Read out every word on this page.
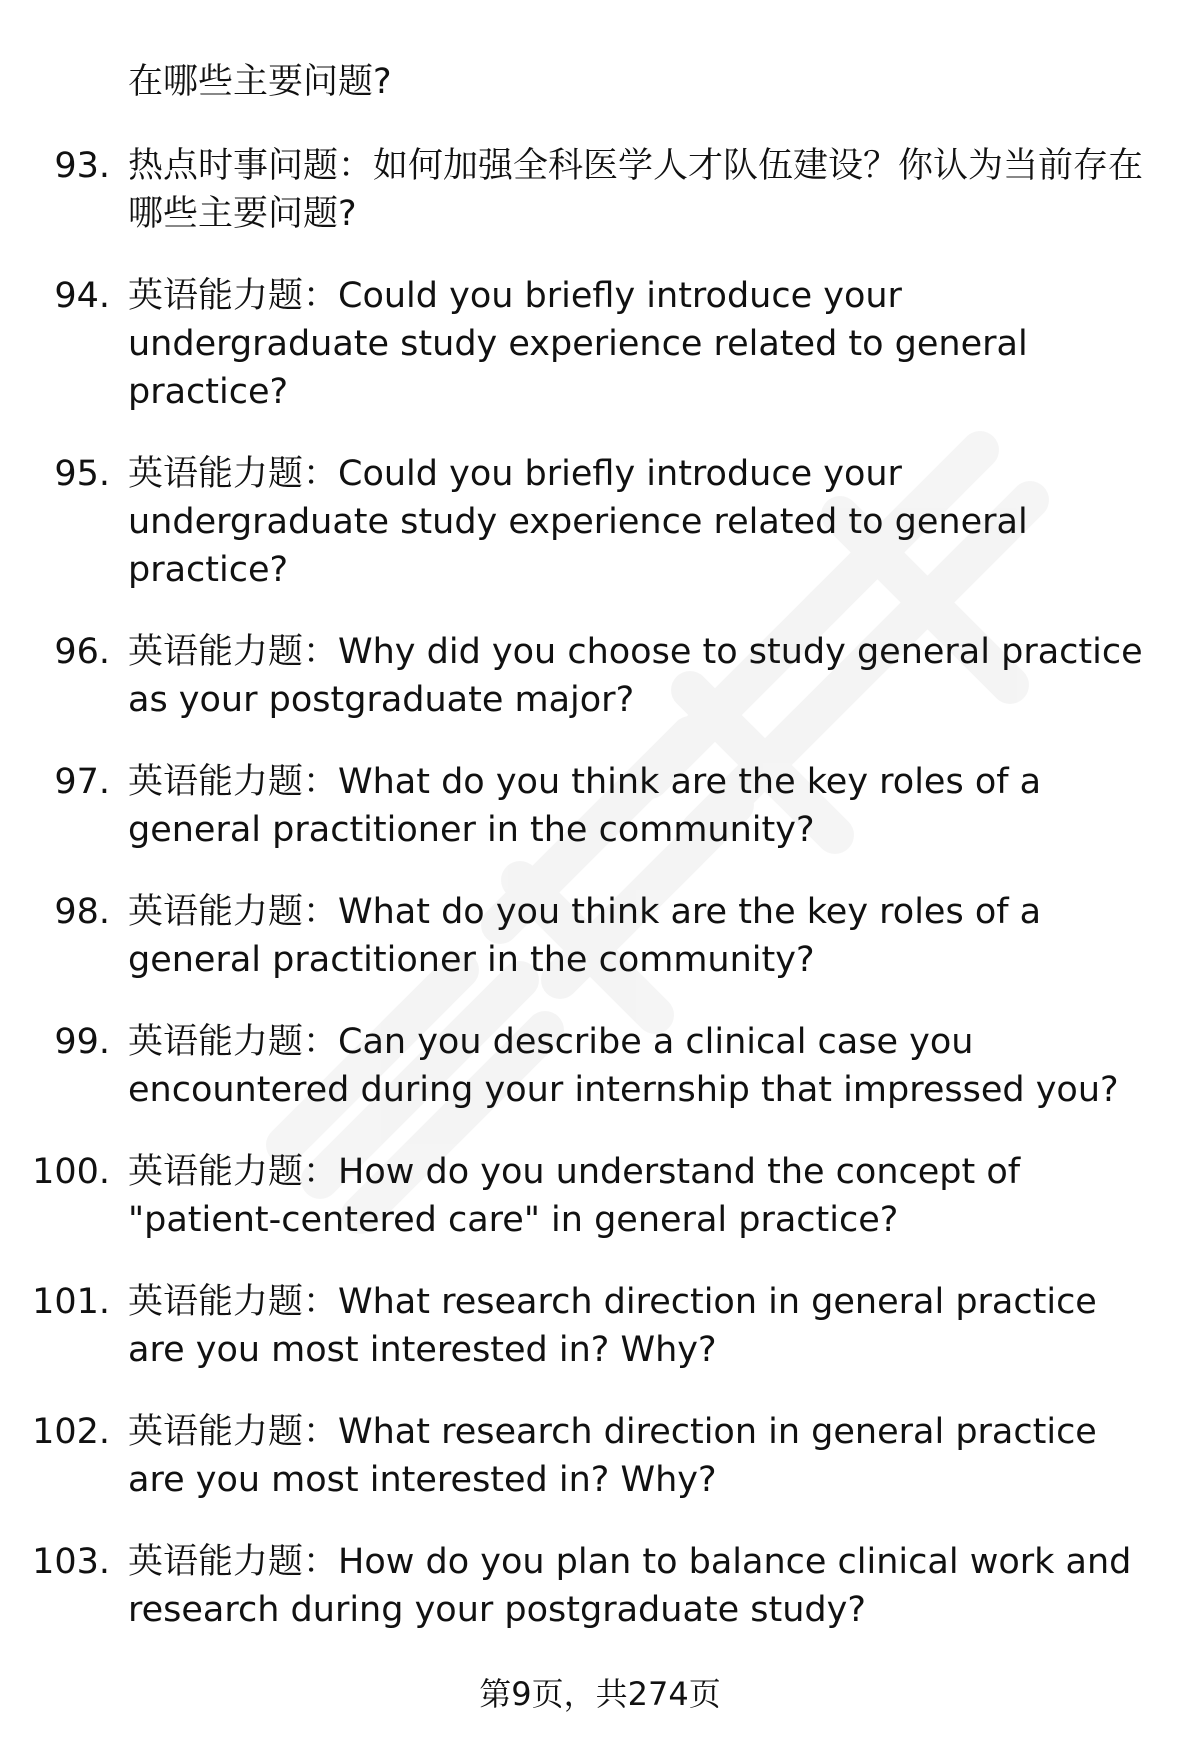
在哪些主要问题?
93. 热点时事问题：如何加强全科医学人才队伍建设？你认为当前存在哪些主要问题?
94. 英语能力题：Could you briefly introduce your undergraduate study experience related to general practice?
95. 英语能力题：Could you briefly introduce your undergraduate study experience related to general practice?
96. 英语能力题：Why did you choose to study general practice as your postgraduate major?
97. 英语能力题：What do you think are the key roles of a general practitioner in the community?
98. 英语能力题：What do you think are the key roles of a general practitioner in the community?
99. 英语能力题：Can you describe a clinical case you encountered during your internship that impressed you?
100. 英语能力题：How do you understand the concept of "patient-centered care" in general practice?
101. 英语能力题：What research direction in general practice are you most interested in? Why?
102. 英语能力题：What research direction in general practice are you most interested in? Why?
103. 英语能力题：How do you plan to balance clinical work and research during your postgraduate study?
第9页，共274页
